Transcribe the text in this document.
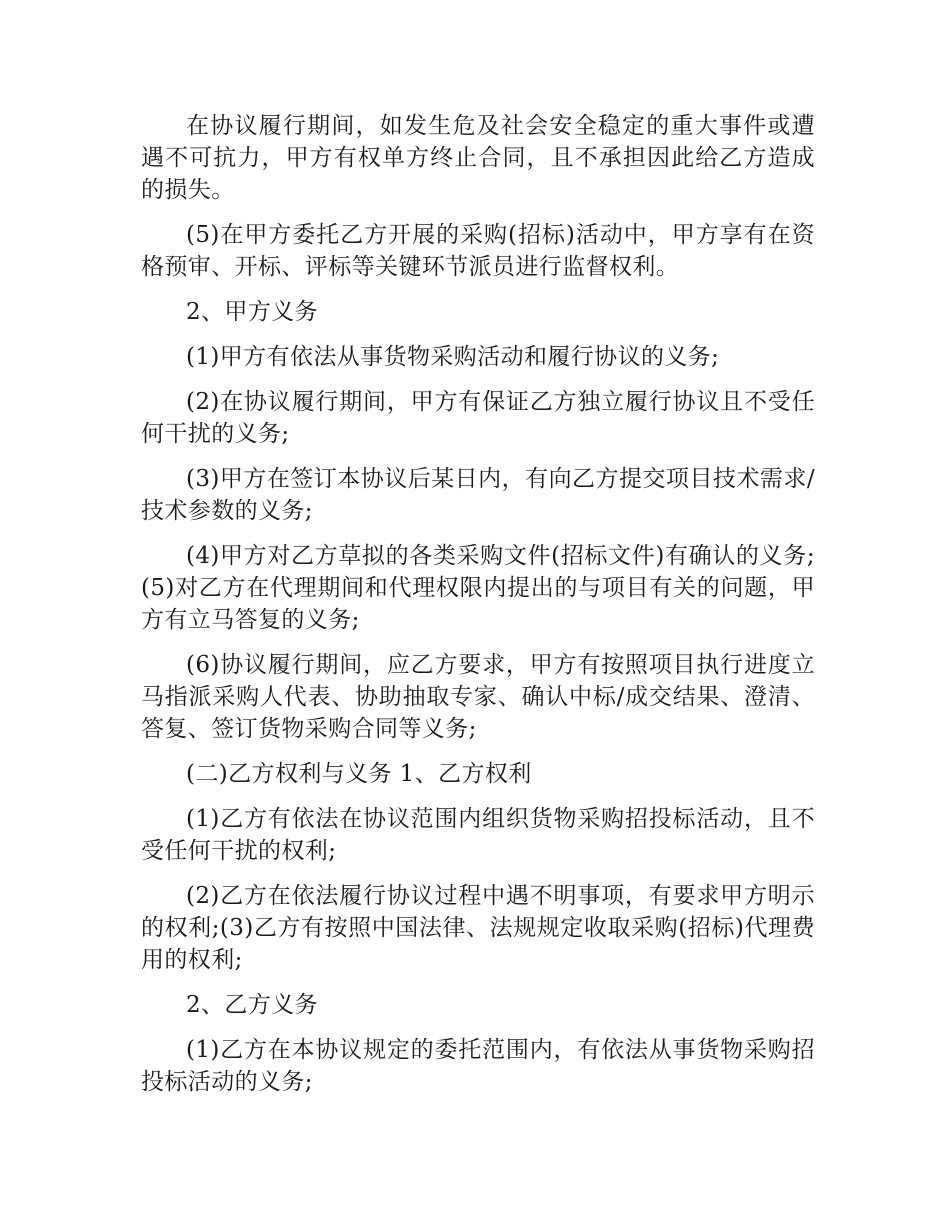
在协议履行期间，如发生危及社会安全稳定的重大事件或遭遇不可抗力，甲方有权单方终止合同，且不承担因此给乙方造成的损失。

(5)在甲方委托乙方开展的采购(招标)活动中，甲方享有在资格预审、开标、评标等关键环节派员进行监督权利。

2、甲方义务

(1)甲方有依法从事货物采购活动和履行协议的义务;

(2)在协议履行期间，甲方有保证乙方独立履行协议且不受任何干扰的义务;

(3)甲方在签订本协议后某日内，有向乙方提交项目技术需求/技术参数的义务;

(4)甲方对乙方草拟的各类采购文件(招标文件)有确认的义务;(5)对乙方在代理期间和代理权限内提出的与项目有关的问题，甲方有立马答复的义务;

(6)协议履行期间，应乙方要求，甲方有按照项目执行进度立马指派采购人代表、协助抽取专家、确认中标/成交结果、澄清、答复、签订货物采购合同等义务;

(二)乙方权利与义务 1、乙方权利

(1)乙方有依法在协议范围内组织货物采购招投标活动，且不受任何干扰的权利;

(2)乙方在依法履行协议过程中遇不明事项，有要求甲方明示的权利;(3)乙方有按照中国法律、法规规定收取采购(招标)代理费用的权利;

2、乙方义务

(1)乙方在本协议规定的委托范围内，有依法从事货物采购招投标活动的义务;
